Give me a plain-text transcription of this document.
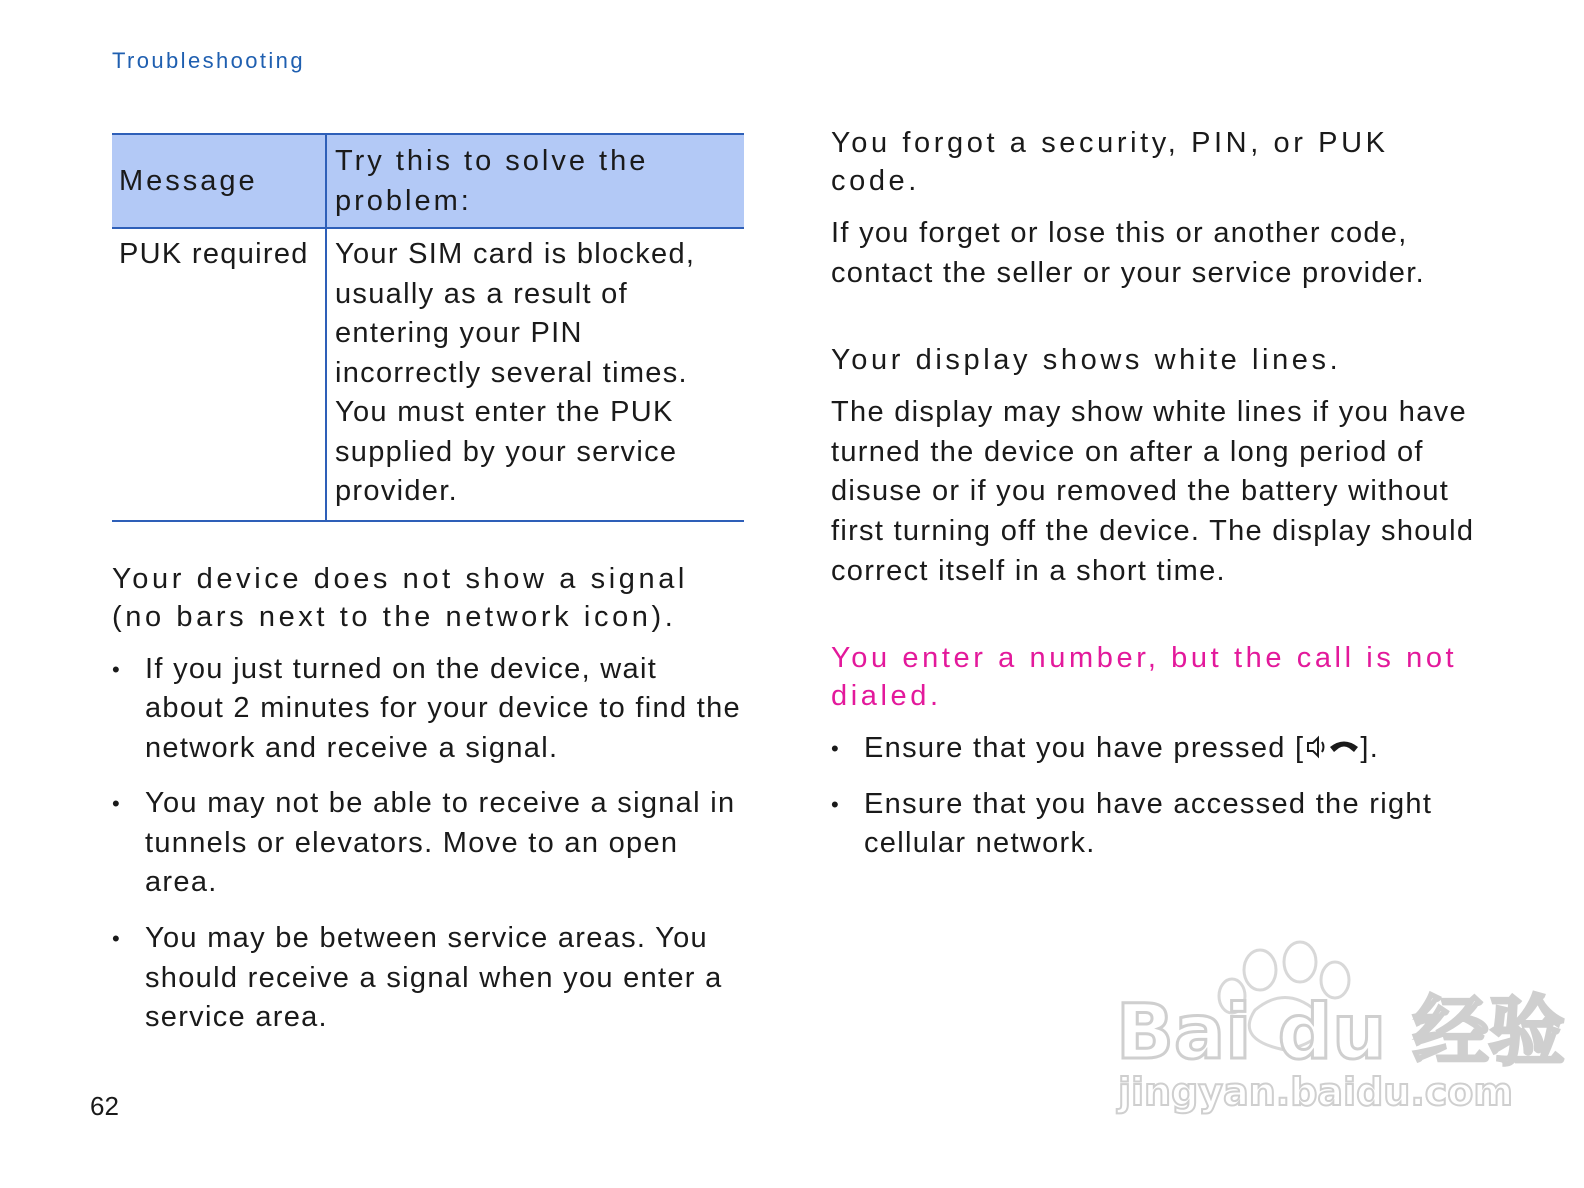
Troubleshooting
Message	Try this to solve the problem:
PUK required	Your SIM card is blocked, usually as a result of entering your PIN incorrectly several times. You must enter the PUK supplied by your service provider.

Your device does not show a signal (no bars next to the network icon).

• If you just turned on the device, wait about 2 minutes for your device to find the network and receive a signal.
• You may not be able to receive a signal in tunnels or elevators. Move to an open area.
• You may be between service areas. You should receive a signal when you enter a service area.

You forgot a security, PIN, or PUK code.

If you forget or lose this or another code, contact the seller or your service provider.

Your display shows white lines.

The display may show white lines if you have turned the device on after a long period of disuse or if you removed the battery without first turning off the device. The display should correct itself in a short time.

You enter a number, but the call is not dialed.

• Ensure that you have pressed [ ].
• Ensure that you have accessed the right cellular network.
62
Bai du 经验
jingyan.baidu.com
